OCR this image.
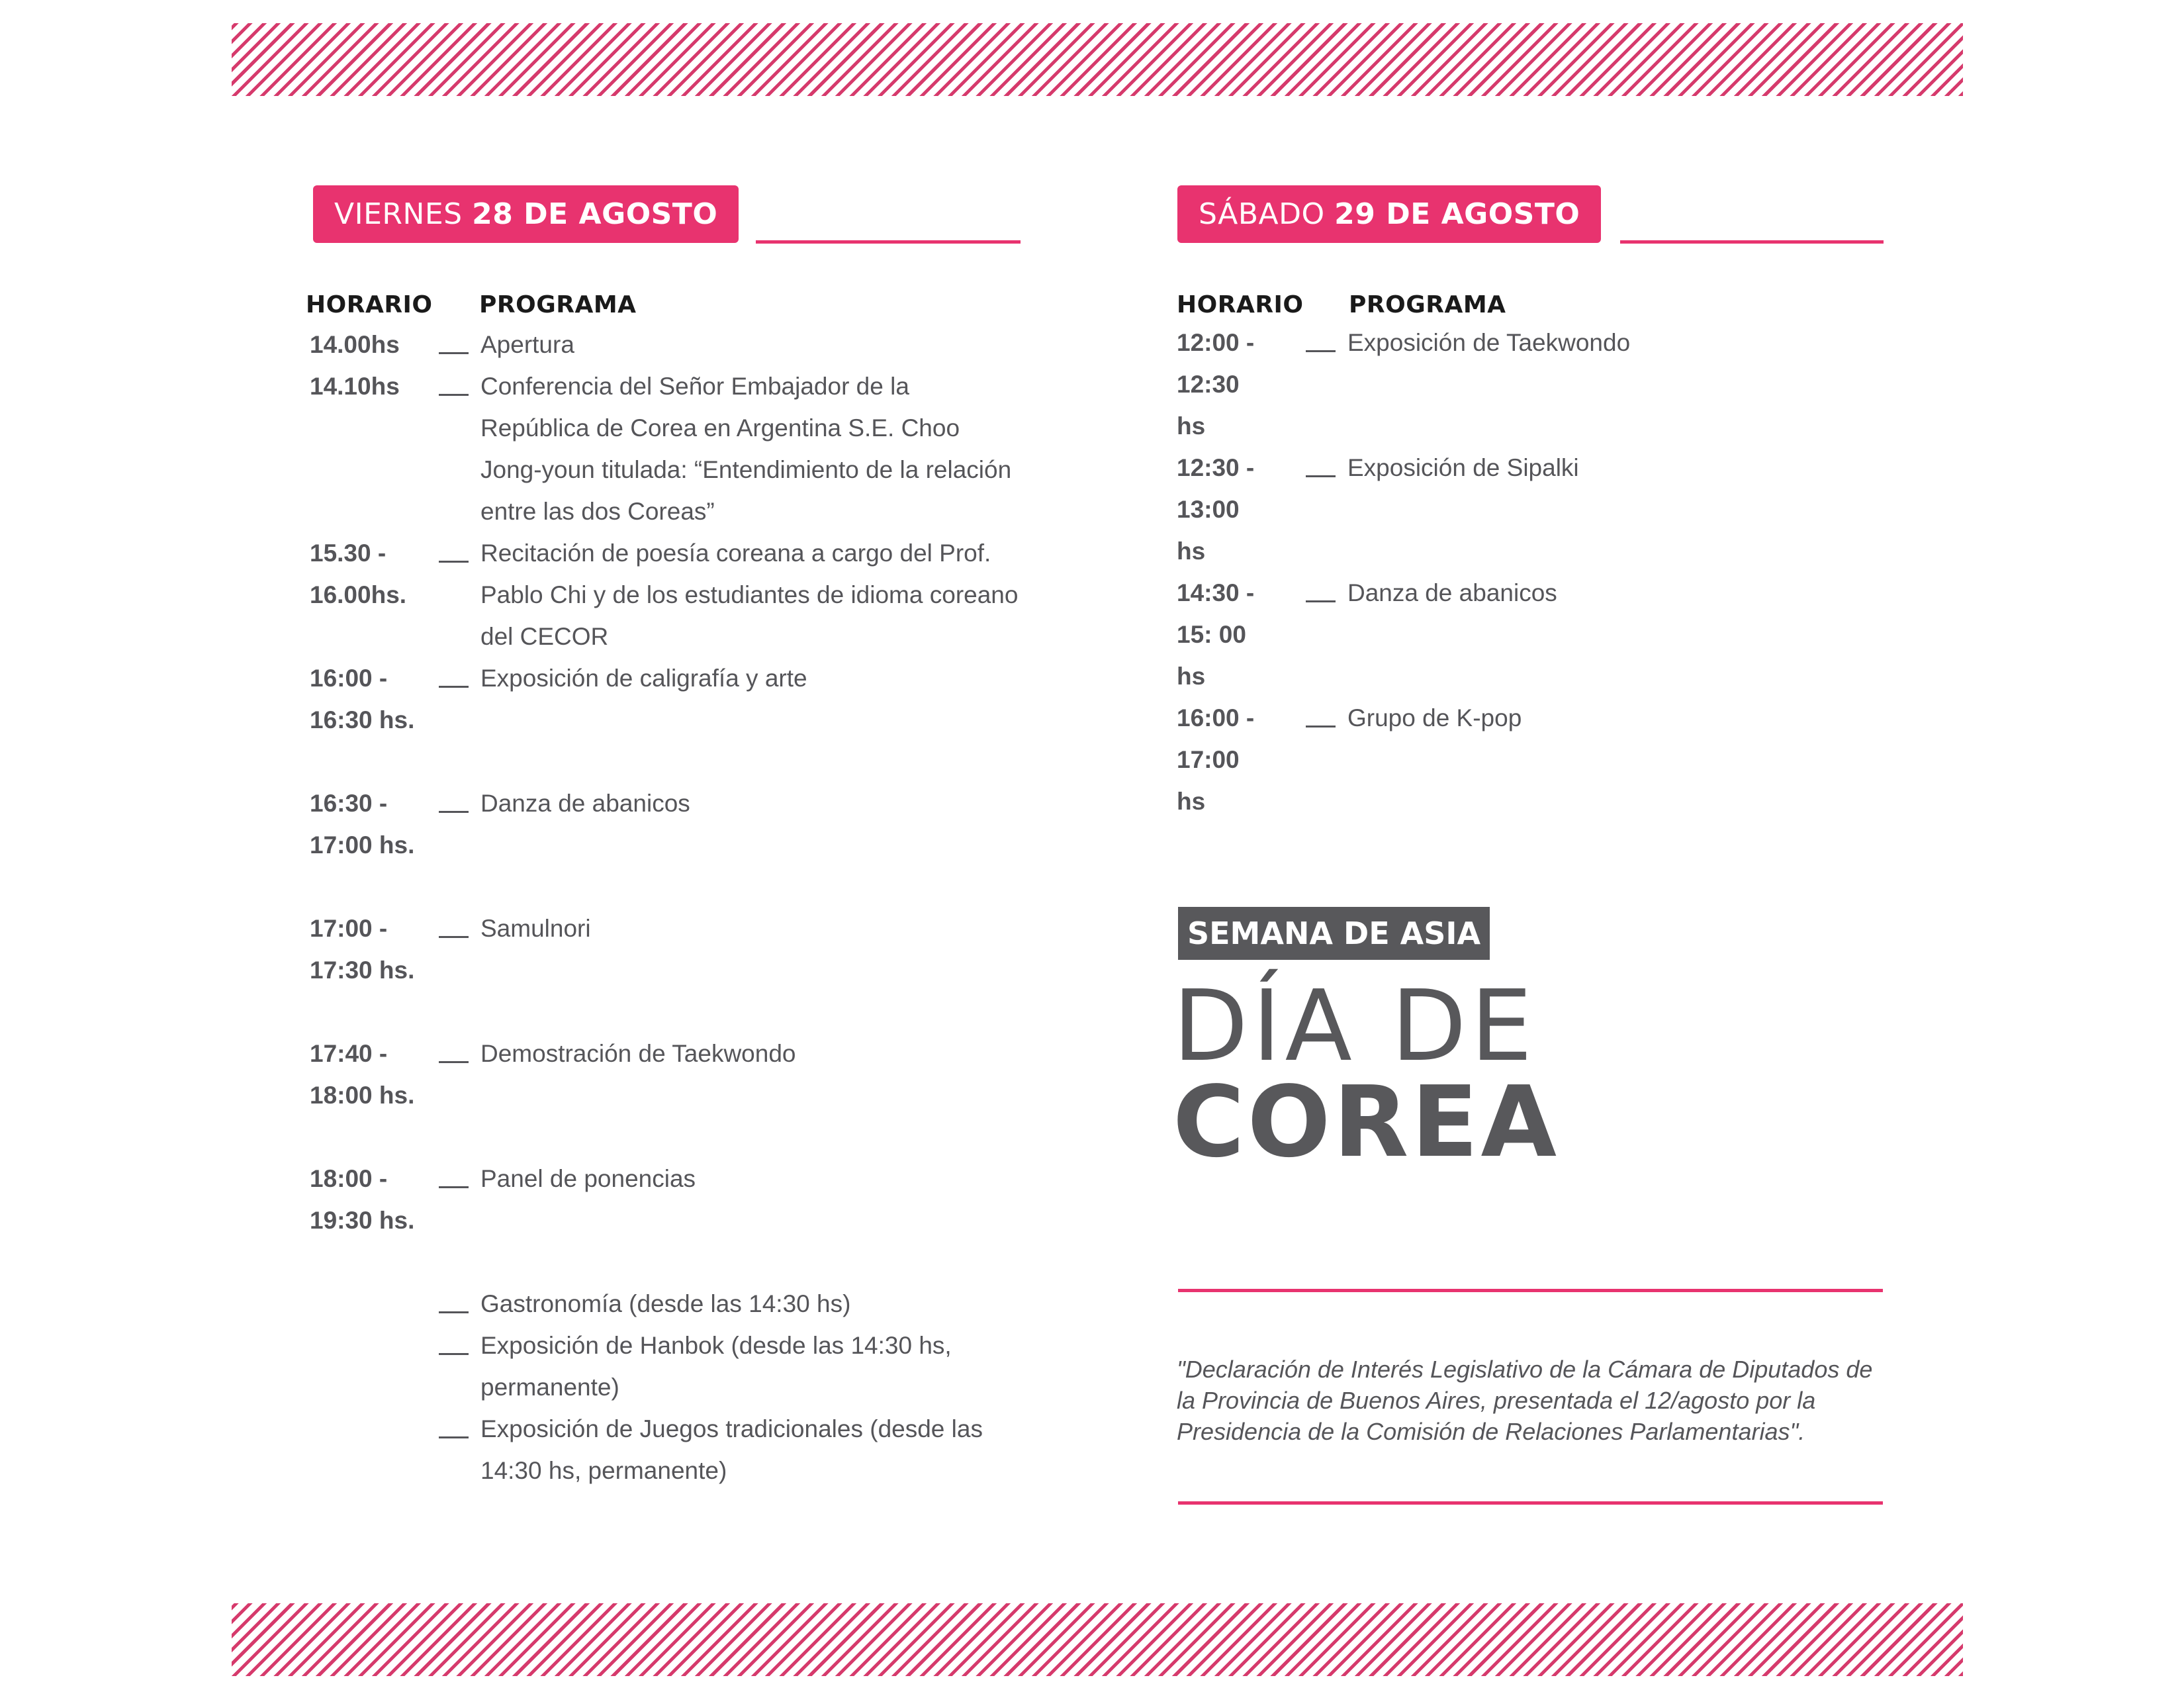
VIERNES 28 DE AGOSTO
HORARIO PROGRAMA
14.00hs	Apertura
14.10hs	Conferencia del Señor Embajador de la República de Corea en Argentina S.E. Choo Jong-youn titulada: “Entendimiento de la relación entre las dos Coreas”
15.30 - 16.00hs.
Recitación de poesía coreana a cargo del Prof. Pablo Chi y de los estudiantes de idioma coreano del CECOR
16:00 - 16:30 hs.
Exposición de caligrafía y arte
16:30 - 17:00 hs.
Danza de abanicos
17:00 - 17:30 hs.
Samulnori
17:40 - 18:00 hs.
Demostración de Taekwondo
18:00 - 19:30 hs.
Panel de ponencias
Gastronomía (desde las 14:30 hs)
Exposición de Hanbok (desde las 14:30 hs, permanente)
Exposición de Juegos tradicionales (desde las 14:30 hs, permanente)
SÁBADO 29 DE AGOSTO
HORARIO PROGRAMA
12:00 - 12:30 hs
Exposición de Taekwondo
12:30 - 13:00 hs
Exposición de Sipalki
14:30 - 15: 00 hs
Danza de abanicos
16:00 - 17:00 hs
Grupo de K-pop
SEMANA DE ASIA
DÍA DE
COREA
"Declaración de Interés Legislativo de la Cámara de Diputados de la Provincia de Buenos Aires, presentada el 12/agosto por la Presidencia de la Comisión de Relaciones Parlamentarias".
